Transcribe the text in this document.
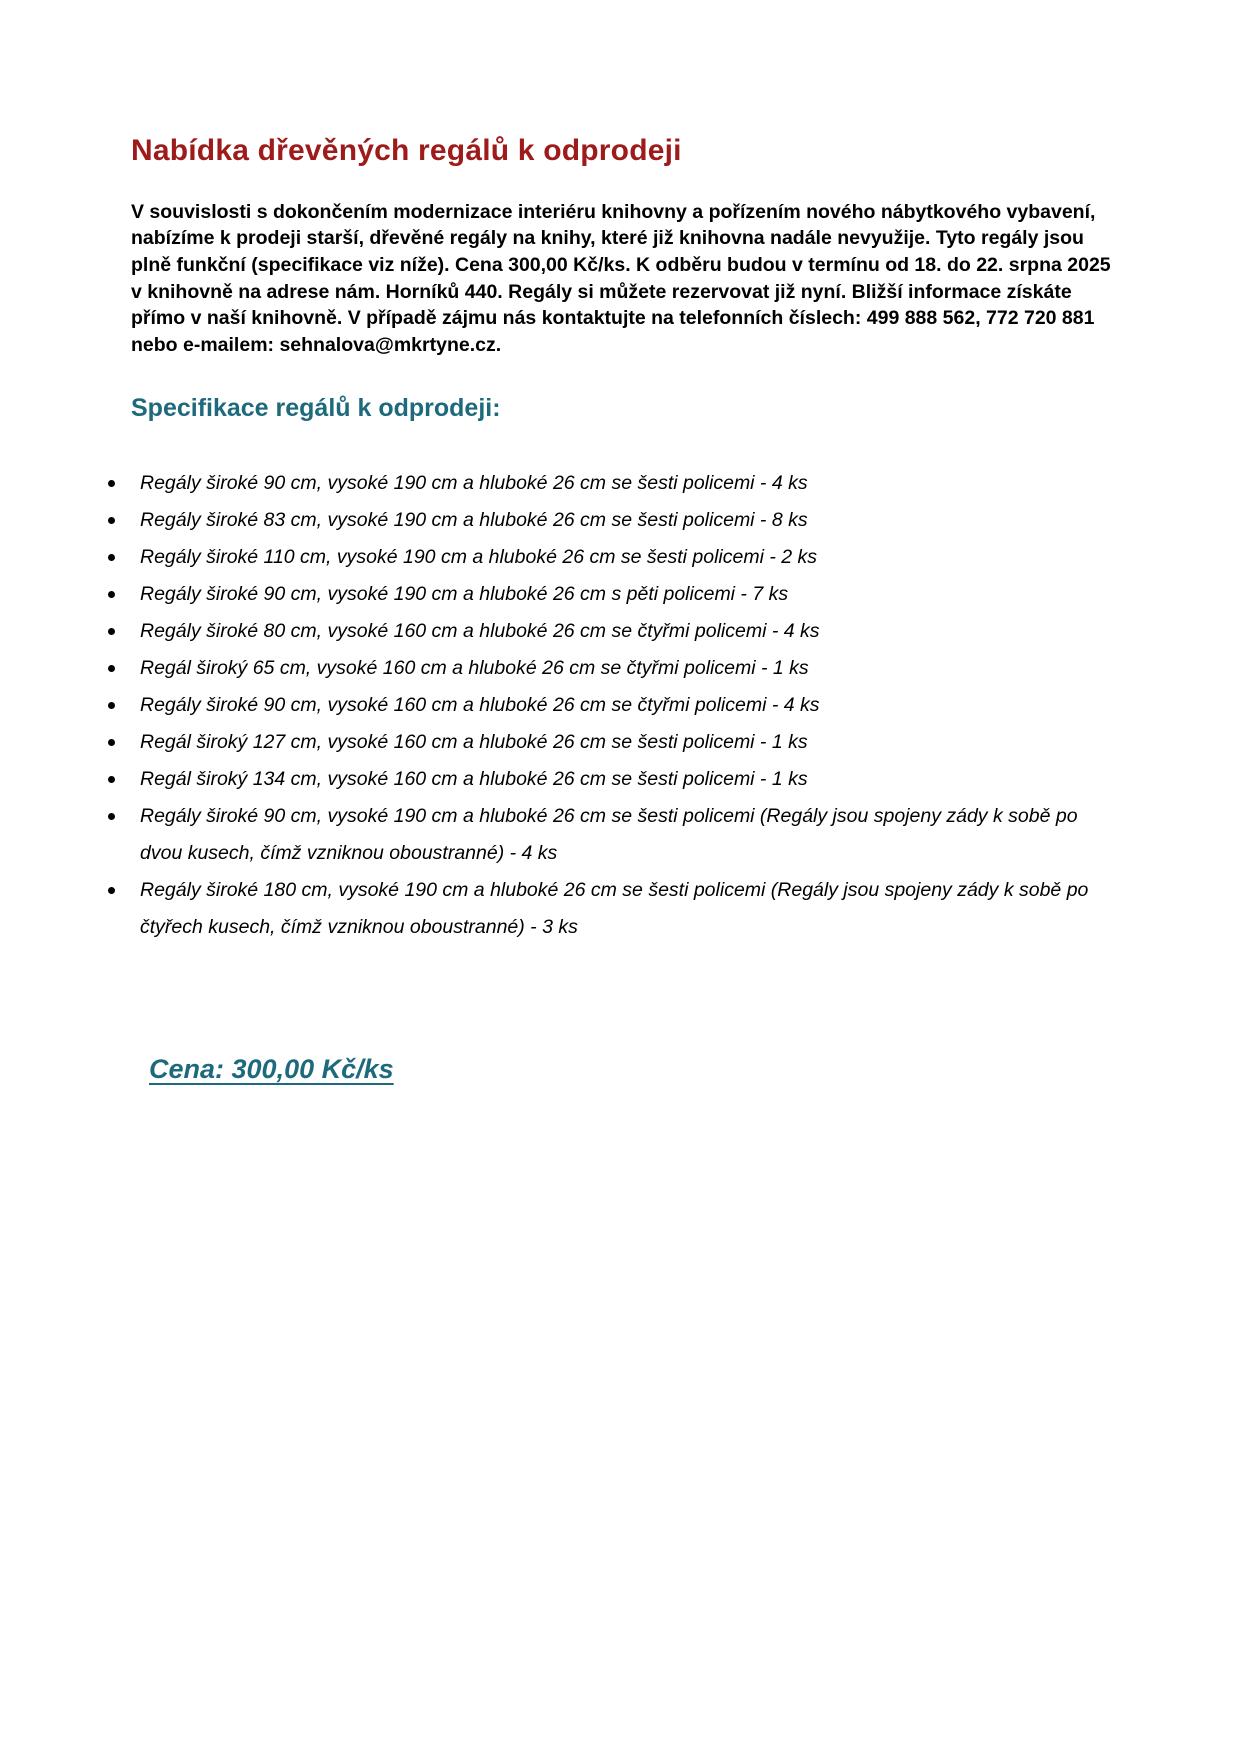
Nabídka dřevěných regálů k odprodeji

V souvislosti s dokončením modernizace interiéru knihovny a pořízením nového nábytkového vybavení, nabízíme k prodeji starší, dřevěné regály na knihy, které již knihovna nadále nevyužije. Tyto regály jsou plně funkční (specifikace viz níže). Cena 300,00 Kč/ks. K odběru budou v termínu od 18. do 22. srpna 2025 v knihovně na adrese nám. Horníků 440. Regály si můžete rezervovat již nyní. Bližší informace získáte přímo v naší knihovně. V případě zájmu nás kontaktujte na telefonních číslech: 499 888 562, 772 720 881 nebo e-mailem: sehnalova@mkrtyne.cz.

Specifikace regálů k odprodeji:
Regály široké 90 cm, vysoké 190 cm a hluboké 26 cm se šesti policemi - 4 ks
Regály široké 83 cm, vysoké 190 cm a hluboké 26 cm se šesti policemi - 8 ks
Regály široké 110 cm, vysoké 190 cm a hluboké 26 cm se šesti policemi - 2 ks
Regály široké 90 cm, vysoké 190 cm a hluboké 26 cm s pěti policemi - 7 ks
Regály široké 80 cm, vysoké 160 cm a hluboké 26 cm se čtyřmi policemi - 4 ks
Regál široký 65 cm, vysoké 160 cm a hluboké 26 cm se čtyřmi policemi - 1 ks
Regály široké 90 cm, vysoké 160 cm a hluboké 26 cm se čtyřmi policemi - 4 ks
Regál široký 127 cm, vysoké 160 cm a hluboké 26 cm se šesti policemi - 1 ks
Regál široký 134 cm, vysoké 160 cm a hluboké 26 cm se šesti policemi - 1 ks
Regály široké 90 cm, vysoké 190 cm a hluboké 26 cm se šesti policemi (Regály jsou spojeny zády k sobě po dvou kusech, čímž vzniknou oboustranné) - 4 ks
Regály široké 180 cm, vysoké 190 cm a hluboké 26 cm se šesti policemi (Regály jsou spojeny zády k sobě po čtyřech kusech, čímž vzniknou oboustranné) - 3 ks

Cena: 300,00 Kč/ks
